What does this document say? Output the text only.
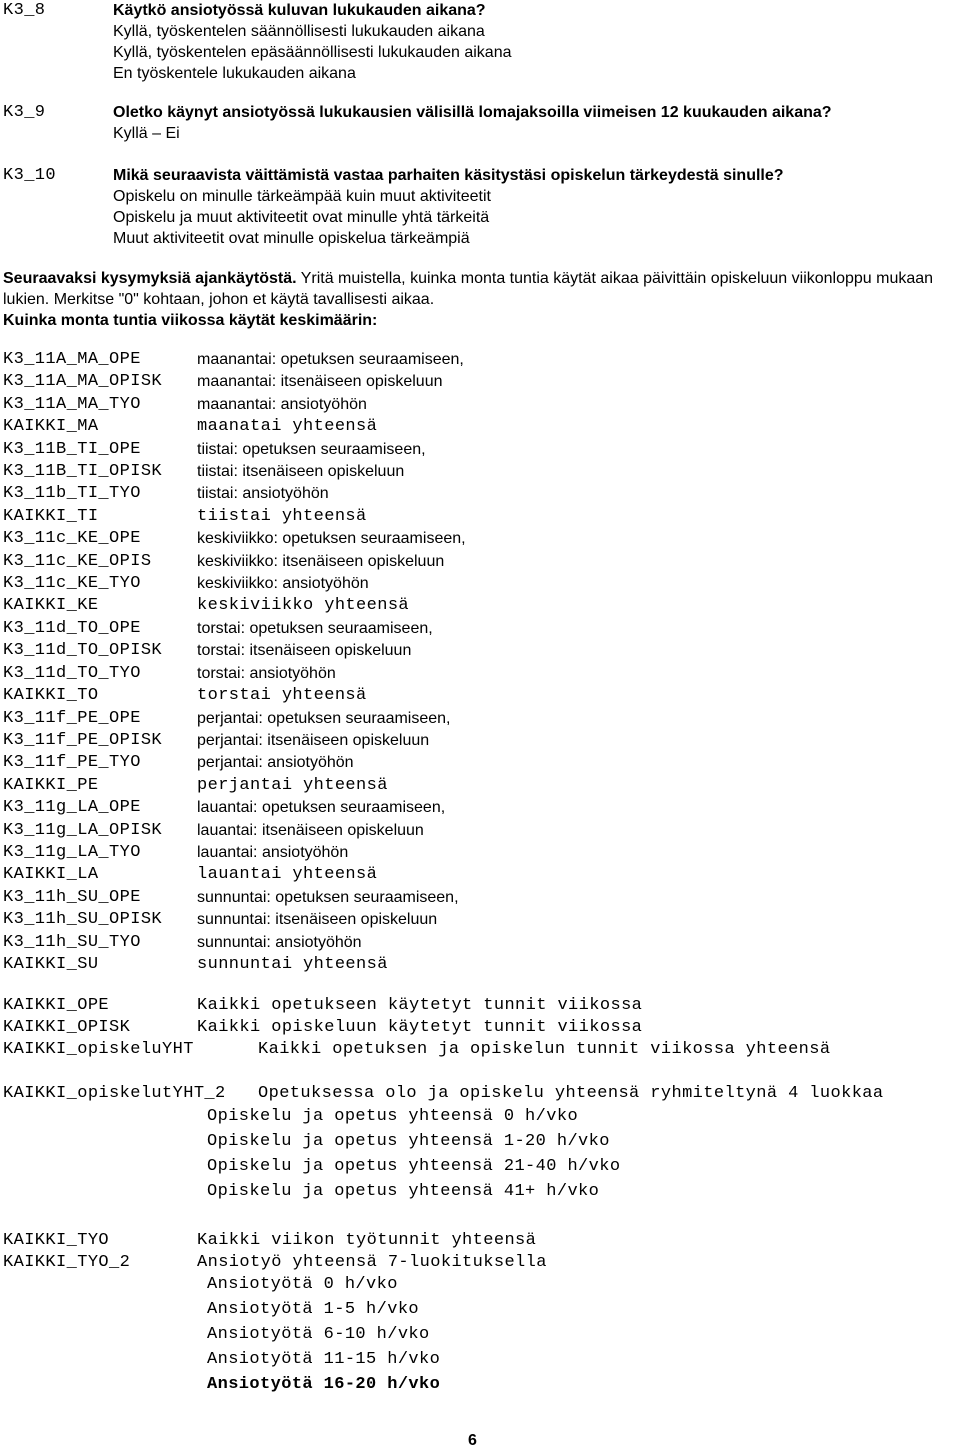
K3_8	Käytkö ansiotyössä kuluvan lukukauden aikana?
Kyllä, työskentelen säännöllisesti lukukauden aikana
Kyllä, työskentelen epäsäännöllisesti lukukauden aikana
En työskentele lukukauden aikana
K3_9	Oletko käynyt ansiotyössä lukukausien välisillä lomajaksoilla viimeisen 12 kuukauden aikana?
Kyllä – Ei
K3_10	Mikä seuraavista väittämistä vastaa parhaiten käsitystäsi opiskelun tärkeydestä sinulle?
Opiskelu on minulle tärkeämpää kuin muut aktiviteetit
Opiskelu ja muut aktiviteetit ovat minulle yhtä tärkeitä
Muut aktiviteetit ovat minulle opiskelua tärkeämpiä

Seuraavaksi kysymyksiä ajankäytöstä. Yritä muistella, kuinka monta tuntia käytät aikaa päivittäin opiskeluun viikonloppu mukaan lukien. Merkitse "0" kohtaan, johon et käytä tavallisesti aikaa.

Kuinka monta tuntia viikossa käytät keskimäärin:

K3_11A_MA_OPE	maanantai: opetuksen seuraamiseen,
K3_11A_MA_OPISK maanantai: itsenäiseen opiskeluun
K3_11A_MA_TYO	maanantai: ansiotyöhön
KAIKKI_MA	maanatai yhteensä
K3_11B_TI_OPE	tiistai: opetuksen seuraamiseen,
K3_11B_TI_OPISK tiistai: itsenäiseen opiskeluun
K3_11b_TI_TYO	tiistai: ansiotyöhön
KAIKKI_TI	tiistai yhteensä
K3_11c_KE_OPE	keskiviikko: opetuksen seuraamiseen,
K3_11c_KE_OPIS	keskiviikko: itsenäiseen opiskeluun
K3_11c_KE_TYO	keskiviikko: ansiotyöhön
KAIKKI_KE	keskiviikko yhteensä
K3_11d_TO_OPE	torstai: opetuksen seuraamiseen,
K3_11d_TO_OPISK torstai: itsenäiseen opiskeluun
K3_11d_TO_TYO	torstai: ansiotyöhön
KAIKKI_TO	torstai yhteensä
K3_11f_PE_OPE	perjantai: opetuksen seuraamiseen,
K3_11f_PE_OPISK perjantai: itsenäiseen opiskeluun
K3_11f_PE_TYO	perjantai: ansiotyöhön
KAIKKI_PE	perjantai yhteensä
K3_11g_LA_OPE	lauantai: opetuksen seuraamiseen,
K3_11g_LA_OPISK lauantai: itsenäiseen opiskeluun
K3_11g_LA_TYO	lauantai: ansiotyöhön
KAIKKI_LA	lauantai yhteensä
K3_11h_SU_OPE	sunnuntai: opetuksen seuraamiseen,
K3_11h_SU_OPISK sunnuntai: itsenäiseen opiskeluun
K3_11h_SU_TYO	sunnuntai: ansiotyöhön
KAIKKI_SU	sunnuntai yhteensä
KAIKKI_OPE	Kaikki opetukseen käytetyt tunnit viikossa
KAIKKI_OPISK	Kaikki opiskeluun käytetyt tunnit viikossa
KAIKKI_opiskeluYHT	Kaikki opetuksen ja opiskelun tunnit viikossa yhteensä
KAIKKI_opiskelutYHT_2 Opetuksessa olo ja opiskelu yhteensä ryhmiteltynä 4 luokkaa
Opiskelu ja opetus yhteensä 0 h/vko
Opiskelu ja opetus yhteensä 1-20 h/vko
Opiskelu ja opetus yhteensä 21-40 h/vko
Opiskelu ja opetus yhteensä 41+ h/vko
KAIKKI_TYO	Kaikki viikon työtunnit yhteensä
KAIKKI_TYO_2	Ansiotyö yhteensä 7-luokituksella
Ansiotyötä 0 h/vko
Ansiotyötä 1-5 h/vko
Ansiotyötä 6-10 h/vko
Ansiotyötä 11-15 h/vko
Ansiotyötä 16-20 h/vko
6
